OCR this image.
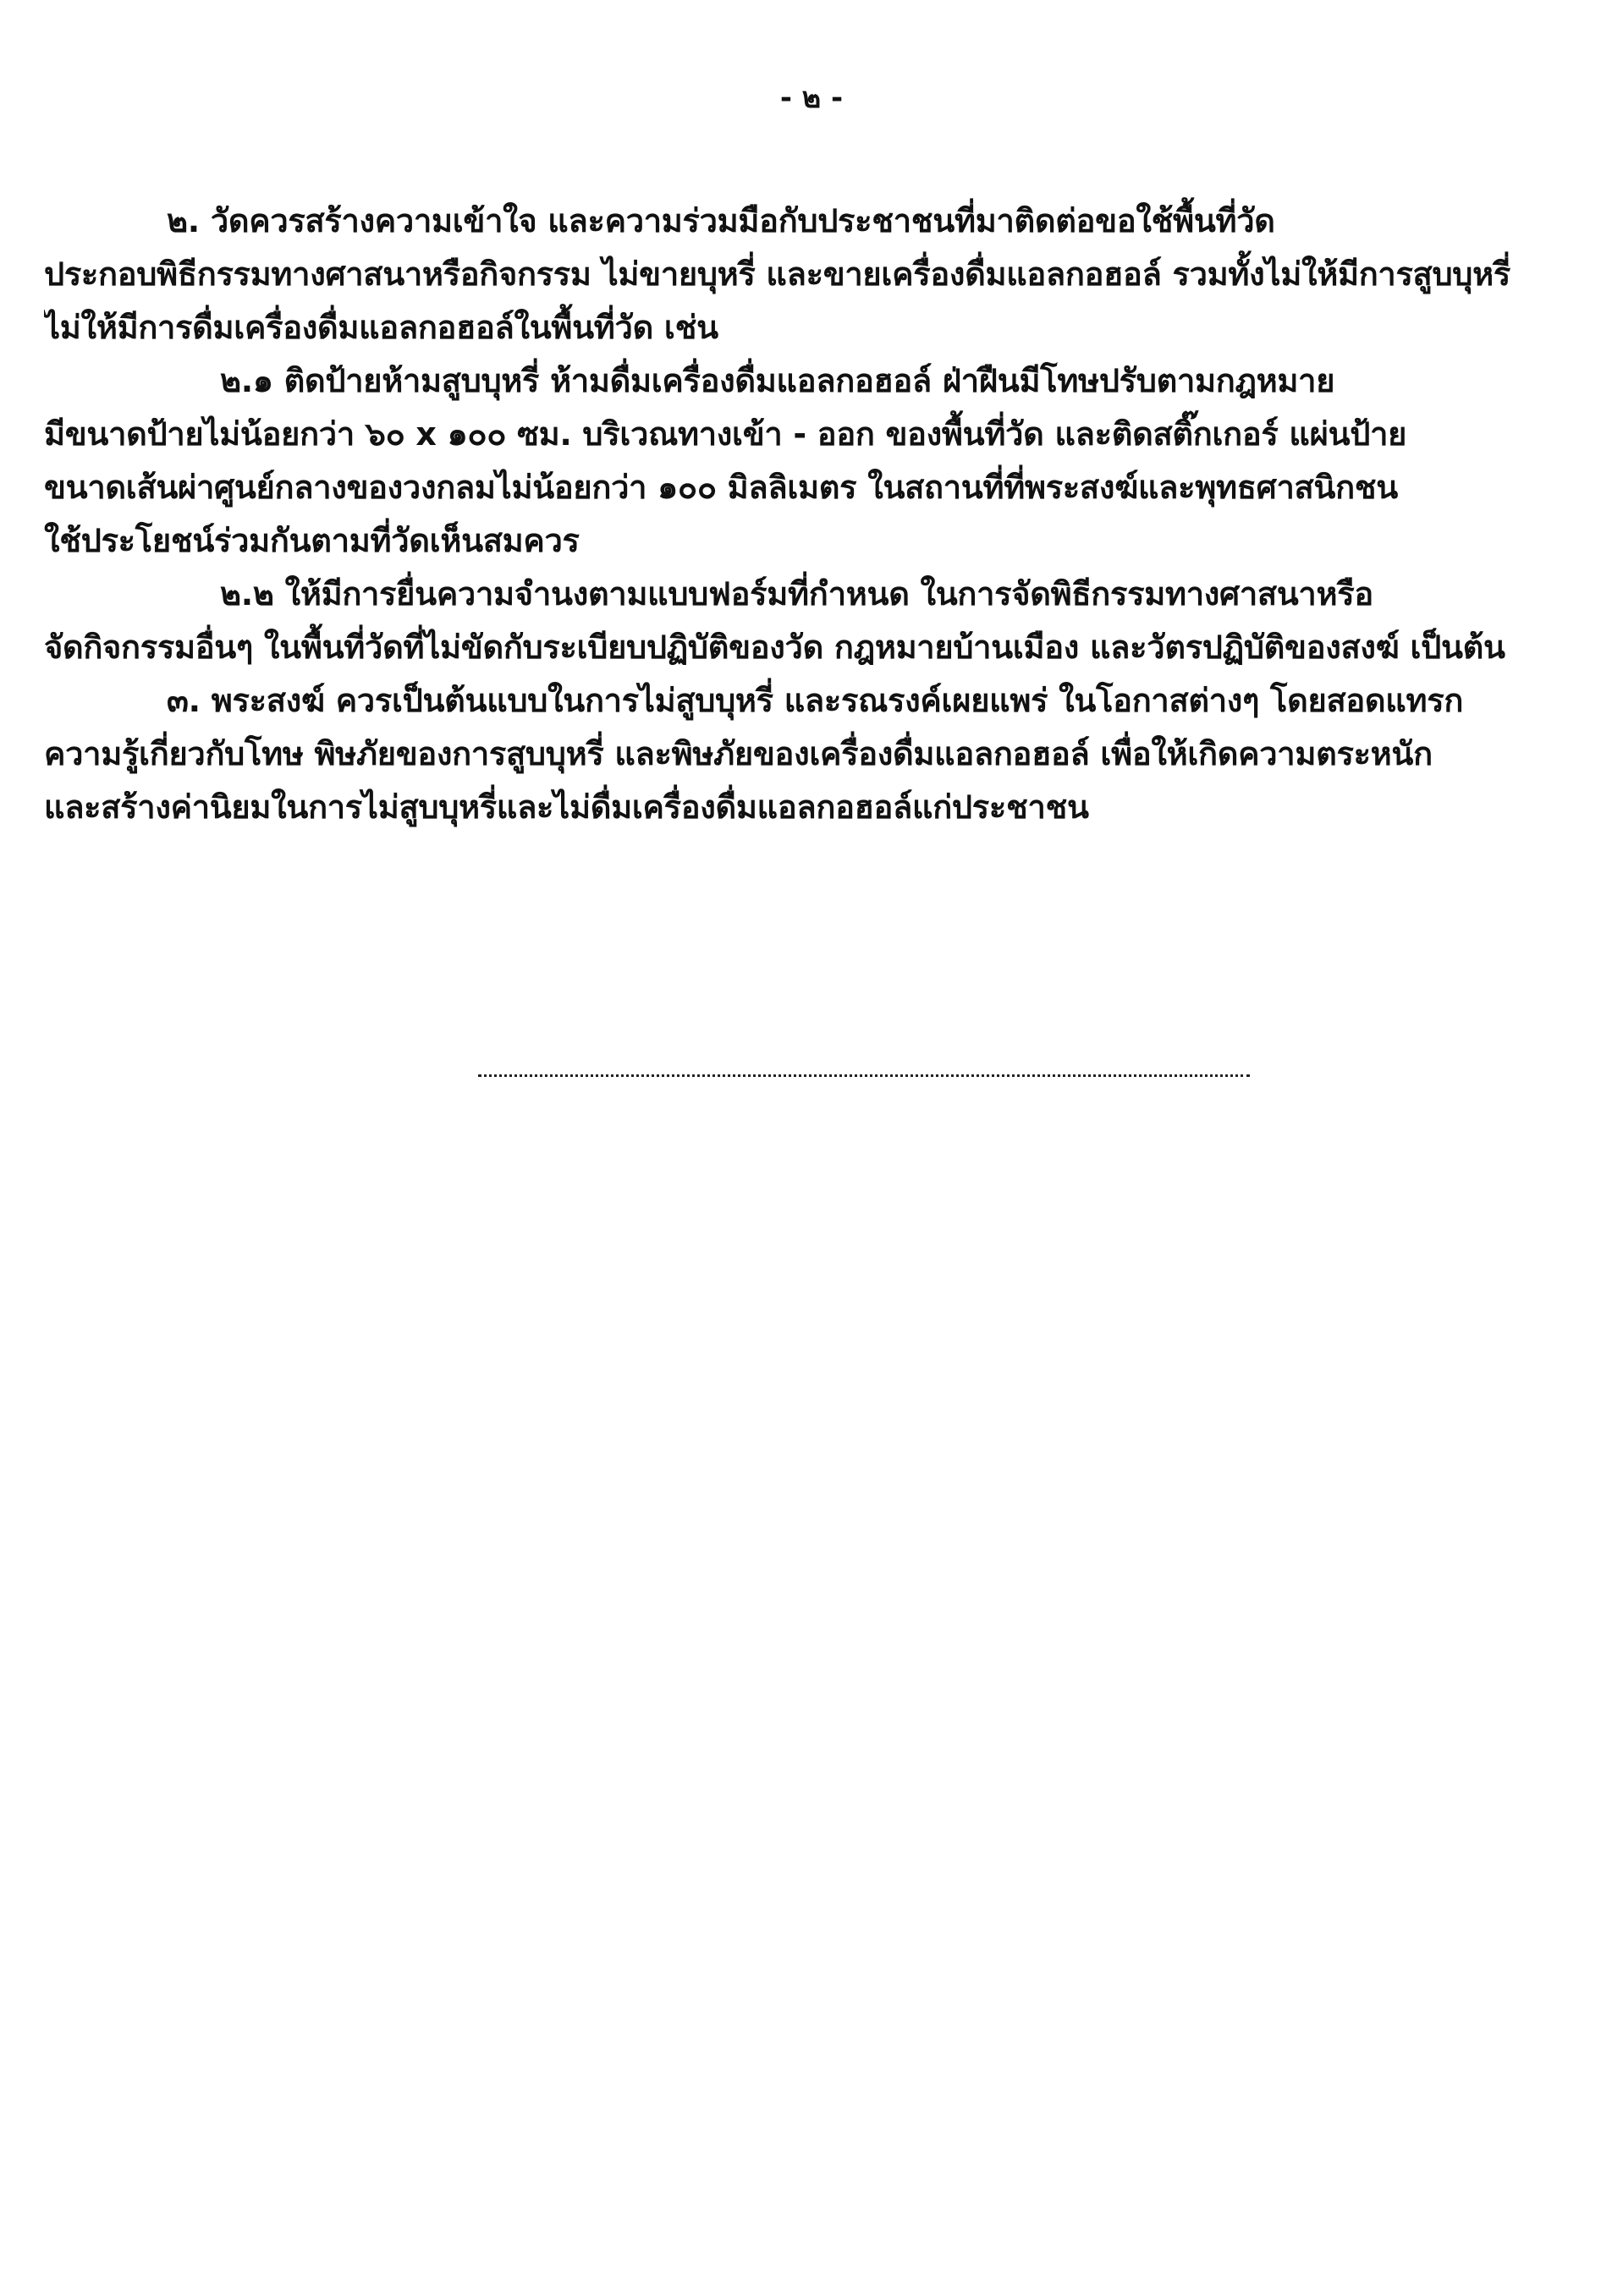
- ๒ -

๒. วัดควรสร้างความเข้าใจ และความร่วมมือกับประชาชนที่มาติดต่อขอใช้พื้นที่วัด
ประกอบพิธีกรรมทางศาสนาหรือกิจกรรม ไม่ขายบุหรี่ และขายเครื่องดื่มแอลกอฮอล์ รวมทั้งไม่ให้มีการสูบบุหรี่
ไม่ให้มีการดื่มเครื่องดื่มแอลกอฮอล์ในพื้นที่วัด เช่น

๒.๑ ติดป้ายห้ามสูบบุหรี่ ห้ามดื่มเครื่องดื่มแอลกอฮอล์ ฝ่าฝืนมีโทษปรับตามกฎหมาย
มีขนาดป้ายไม่น้อยกว่า ๖๐ x ๑๐๐ ซม. บริเวณทางเข้า - ออก ของพื้นที่วัด และติดสติ๊กเกอร์ แผ่นป้าย
ขนาดเส้นผ่าศูนย์กลางของวงกลมไม่น้อยกว่า ๑๐๐ มิลลิเมตร ในสถานที่ที่พระสงฆ์และพุทธศาสนิกชน
ใช้ประโยชน์ร่วมกันตามที่วัดเห็นสมควร

๒.๒ ให้มีการยื่นความจำนงตามแบบฟอร์มที่กำหนด ในการจัดพิธีกรรมทางศาสนาหรือ
จัดกิจกรรมอื่นๆ ในพื้นที่วัดที่ไม่ขัดกับระเบียบปฏิบัติของวัด กฎหมายบ้านเมือง และวัตรปฏิบัติของสงฆ์ เป็นต้น

๓. พระสงฆ์ ควรเป็นต้นแบบในการไม่สูบบุหรี่ และรณรงค์เผยแพร่ ในโอกาสต่างๆ โดยสอดแทรก
ความรู้เกี่ยวกับโทษ พิษภัยของการสูบบุหรี่ และพิษภัยของเครื่องดื่มแอลกอฮอล์ เพื่อให้เกิดความตระหนัก
และสร้างค่านิยมในการไม่สูบบุหรี่และไม่ดื่มเครื่องดื่มแอลกอฮอล์แก่ประชาชน
